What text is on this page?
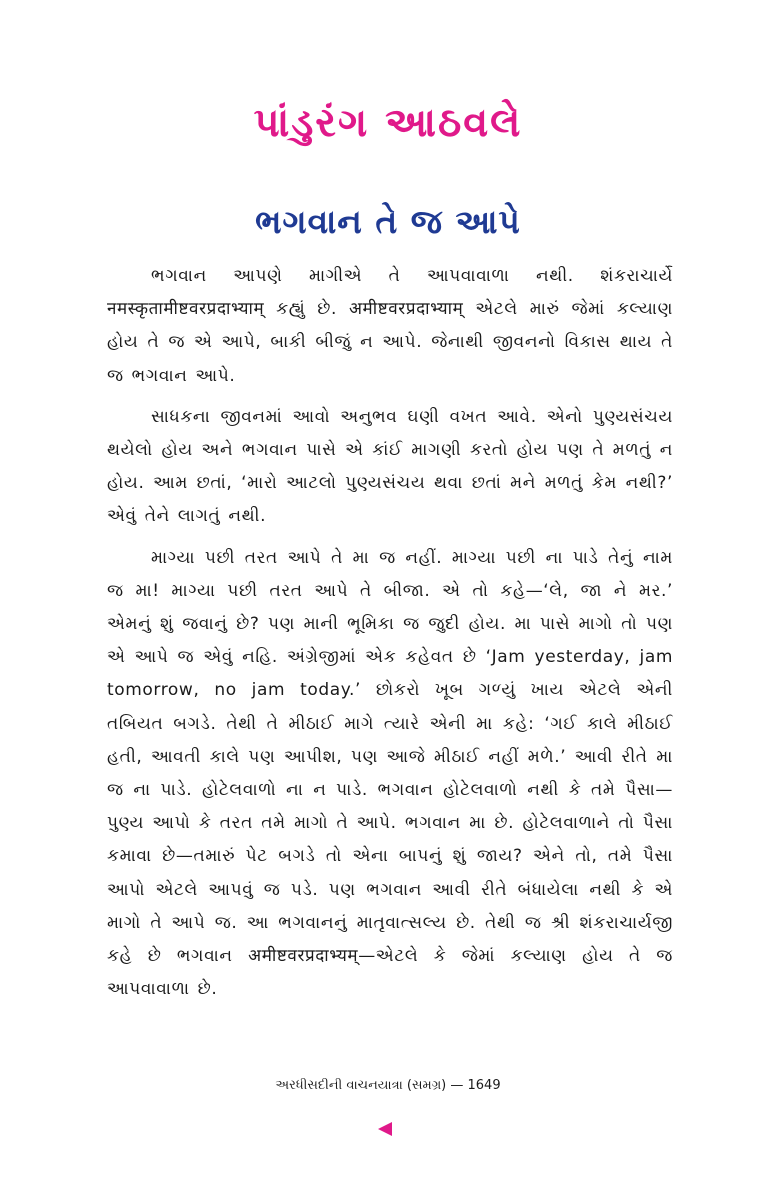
પાંડુરંગ આઠવલે
ભગવાન તે જ આપે

ભગવાન આપણે માગીએ તે આપવાવાળા નથી. શંકરાચાર્યે नमस्कृतामीष्टवरप्रदाभ्याम् કહ્યું છે. अमीष्टवरप्रदाभ्याम् એટલે મારું જેમાં કલ્યાણ હોય તે જ એ આપે, બાકી બીજું ન આપે. જેનાથી જીવનનો વિકાસ થાય તે જ ભગવાન આપે.

સાધકના જીવનમાં આવો અનુભવ ઘણી વખત આવે. એનો પુણ્યસંચય થયેલો હોય અને ભગવાન પાસે એ કાંઈ માગણી કરતો હોય પણ તે મળતું ન હોય. આમ છતાં, ‘મારો આટલો પુણ્યસંચય થવા છતાં મને મળતું કેમ નથી?’ એવું તેને લાગતું નથી.

માગ્યા પછી તરત આપે તે મા જ નહીં. માગ્યા પછી ના પાડે તેનું નામ જ મા! માગ્યા પછી તરત આપે તે બીજા. એ તો કહે—‘લે, જા ને મર.’ એમનું શું જવાનું છે? પણ માની ભૂમિકા જ જુદી હોય. મા પાસે માગો તો પણ એ આપે જ એવું નહિ. અંગ્રેજીમાં એક કહેવત છે ‘Jam yesterday, jam tomorrow, no jam today.’ છોકરો ખૂબ ગળ્યું ખાય એટલે એની તબિયત બગડે. તેથી તે મીઠાઈ માગે ત્યારે એની મા કહે: ‘ગઈ કાલે મીઠાઈ હતી, આવતી કાલે પણ આપીશ, પણ આજે મીઠાઈ નહીં મળે.’ આવી રીતે મા જ ના પાડે. હોટેલવાળો ના ન પાડે. ભગવાન હોટેલવાળો નથી કે તમે પૈસા—પુણ્ય આપો કે તરત તમે માગો તે આપે. ભગવાન મા છે. હોટેલવાળાને તો પૈસા કમાવા છે—તમારું પેટ બગડે તો એના બાપનું શું જાય? એને તો, તમે પૈસા આપો એટલે આપવું જ પડે. પણ ભગવાન આવી રીતે બંધાયેલા નથી કે એ માગો તે આપે જ. આ ભગવાનનું માતૃવાત્સલ્ય છે. તેથી જ શ્રી શંકરાચાર્યજી કહે છે ભગવાન अमीष्टवरप्रदाभ्यम्—એટલે કે જેમાં કલ્યાણ હોય તે જ આપવાવાળા છે.

અરધીસદીની વાચનયાત્રા (સમગ્ર) — 1649
